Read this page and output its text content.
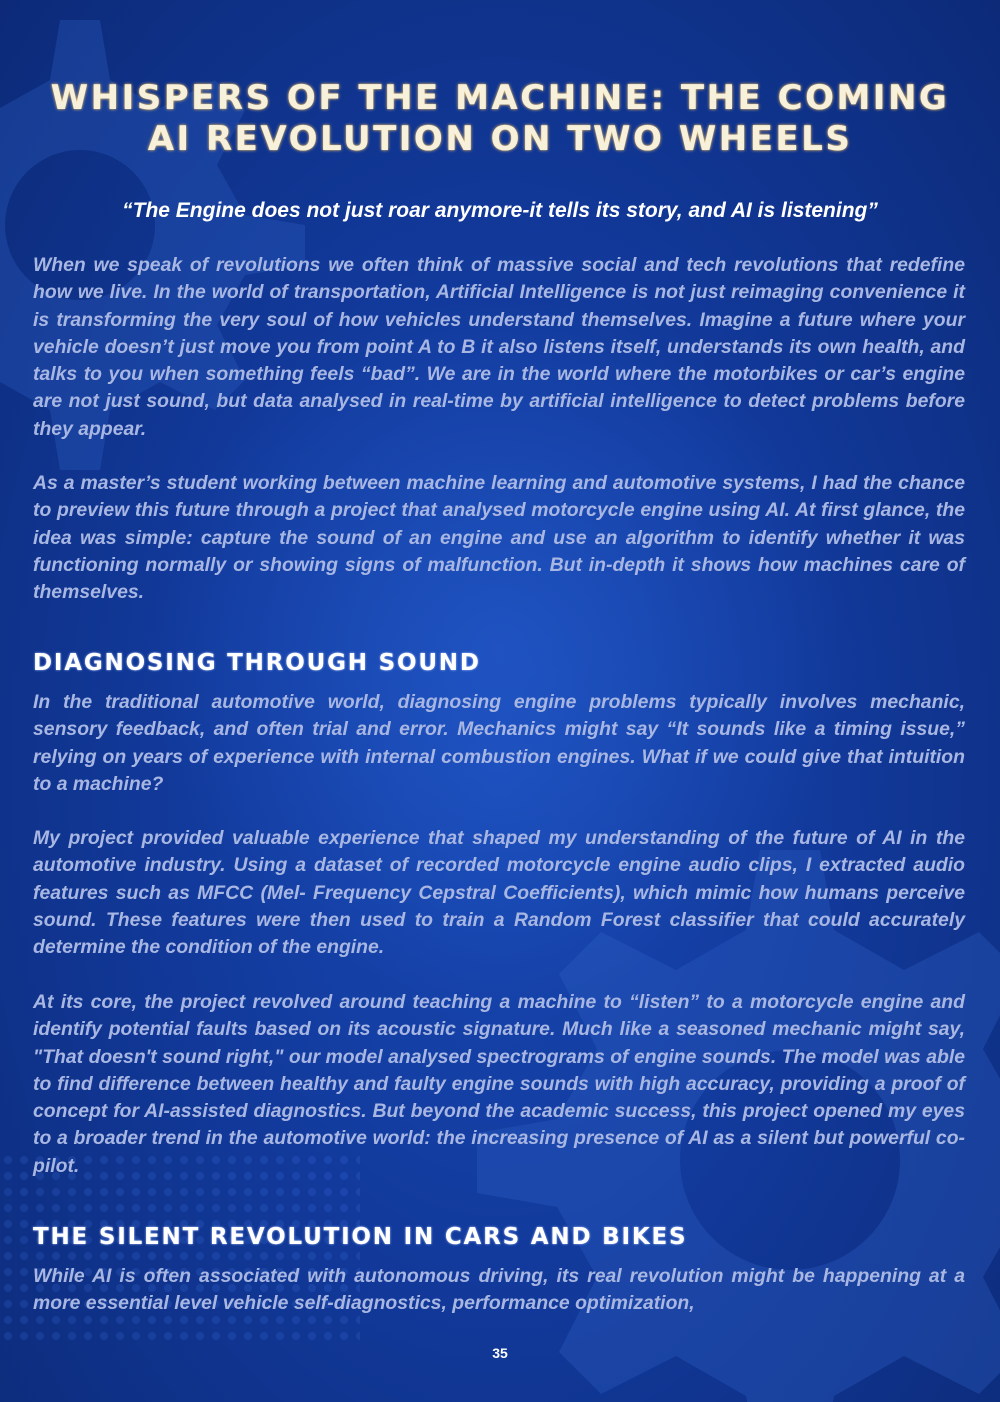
WHISPERS OF THE MACHINE: THE COMING AI REVOLUTION ON TWO WHEELS

“The Engine does not just roar anymore-it tells its story, and AI is listening”

When we speak of revolutions we often think of massive social and tech revolutions that redefine how we live. In the world of transportation, Artificial Intelligence is not just reimaging convenience it is transforming the very soul of how vehicles understand themselves. Imagine a future where your vehicle doesn’t just move you from point A to B it also listens itself, understands its own health, and talks to you when something feels “bad”. We are in the world where the motorbikes or car’s engine are not just sound, but data analysed in real-time by artificial intelligence to detect problems before they appear.

As a master’s student working between machine learning and automotive systems, I had the chance to preview this future through a project that analysed motorcycle engine using AI. At first glance, the idea was simple: capture the sound of an engine and use an algorithm to identify whether it was functioning normally or showing signs of malfunction. But in-depth it shows how machines care of themselves.

DIAGNOSING THROUGH SOUND

In the traditional automotive world, diagnosing engine problems typically involves mechanic, sensory feedback, and often trial and error. Mechanics might say “It sounds like a timing issue,” relying on years of experience with internal combustion engines. What if we could give that intuition to a machine?

My project provided valuable experience that shaped my understanding of the future of AI in the automotive industry. Using a dataset of recorded motorcycle engine audio clips, I extracted audio features such as MFCC (Mel- Frequency Cepstral Coefficients), which mimic how humans perceive sound. These features were then used to train a Random Forest classifier that could accurately determine the condition of the engine.

At its core, the project revolved around teaching a machine to “listen” to a motorcycle engine and identify potential faults based on its acoustic signature. Much like a seasoned mechanic might say, "That doesn't sound right," our model analysed spectrograms of engine sounds. The model was able to find difference between healthy and faulty engine sounds with high accuracy, providing a proof of concept for AI-assisted diagnostics. But beyond the academic success, this project opened my eyes to a broader trend in the automotive world: the increasing presence of AI as a silent but powerful co-pilot.

THE SILENT REVOLUTION IN CARS AND BIKES

While AI is often associated with autonomous driving, its real revolution might be happening at a more essential level vehicle self-diagnostics, performance optimization,

35
